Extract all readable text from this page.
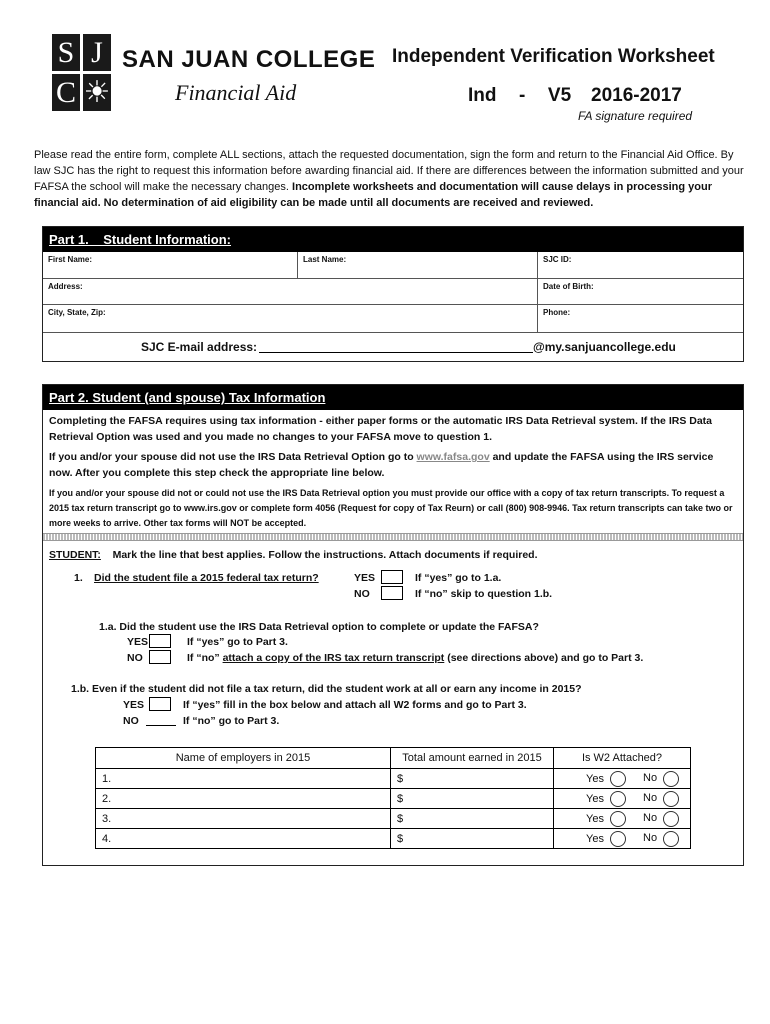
S J
C ☀
SAN JUAN COLLEGE
Financial Aid
Independent Verification Worksheet
Ind  -  V5 2016-2017
FA signature required
Please read the entire form, complete ALL sections, attach the requested documentation, sign the form and return to the Financial Aid Office. By law SJC has the right to request this information before awarding financial aid. If there are differences between the information submitted and your FAFSA the school will make the necessary changes. Incomplete worksheets and documentation will cause delays in processing your financial aid. No determination of aid eligibility can be made until all documents are received and reviewed.
Part 1.    Student Information:
First Name:	Last Name:	SJC ID:
Address:	Date of Birth:
City, State, Zip:	Phone:
SJC E-mail address:	@my.sanjuancollege.edu
Part 2. Student (and spouse) Tax Information
Completing the FAFSA requires using tax information - either paper forms or the automatic IRS Data Retrieval system. If the IRS Data Retrieval Option was used and you made no changes to your FAFSA move to question 1.
If you and/or your spouse did not use the IRS Data Retrieval Option go to www.fafsa.gov and update the FAFSA using the IRS service now. After you complete this step check the appropriate line below.
If you and/or your spouse did not or could not use the IRS Data Retrieval option you must provide our office with a copy of tax return transcripts. To request a 2015 tax return transcript go to www.irs.gov or complete form 4056 (Request for copy of Tax Reurn) or call (800) 908-9946. Tax return transcripts can take two or more weeks to arrive. Other tax forms will NOT be accepted.
STUDENT: Mark the line that best applies. Follow the instructions. Attach documents if required.
1. Did the student file a 2015 federal tax return?	YES	If “yes” go to 1.a.
NO	If “no” skip to question 1.b.
1.a. Did the student use the IRS Data Retrieval option to complete or update the FAFSA?
YES	If “yes” go to Part 3.
NO	If “no” attach a copy of the IRS tax return transcript (see directions above) and go to Part 3.
1.b. Even if the student did not file a tax return, did the student work at all or earn any income in 2015?
YES	If “yes” fill in the box below and attach all W2 forms and go to Part 3.
NO	If “no” go to Part 3.
Name of employers in 2015	Total amount earned in 2015	Is W2 Attached?
1.	$	Yes No
2.	$	Yes No
3.	$	Yes No
4.	$	Yes No
